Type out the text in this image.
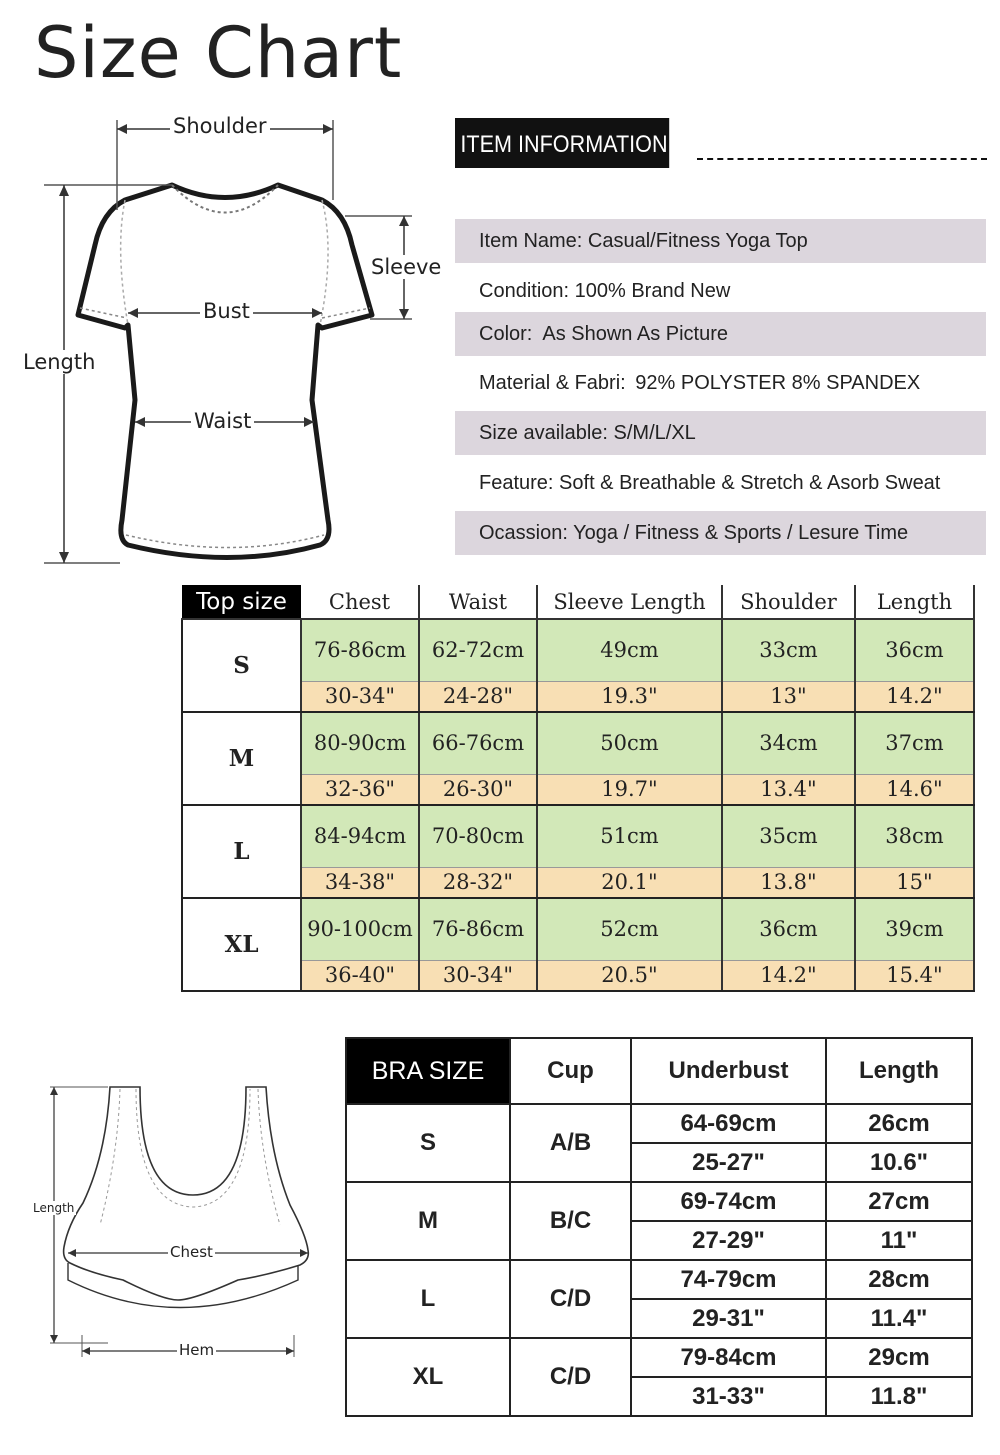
Size Chart
Shoulder
Sleeve
Bust
Length
Waist
ITEM INFORMATION
Item Name: Casual/Fitness Yoga Top
Condition: 100% Brand New
Color:  As Shown As Picture
Material & Fabri: 92% POLYSTER 8% SPANDEX
Size available: S/M/L/XL
Feature: Soft & Breathable & Stretch & Asorb Sweat
Ocassion: Yoga / Fitness & Sports / Lesure Time
Top size	Chest	Waist	Sleeve Length	Shoulder	Length
S	76-86cm	62-72cm	49cm	33cm	36cm
	30-34"	24-28"	19.3"	13"	14.2"
M	80-90cm	66-76cm	50cm	34cm	37cm
	32-36"	26-30"	19.7"	13.4"	14.6"
L	84-94cm	70-80cm	51cm	35cm	38cm
	34-38"	28-32"	20.1"	13.8"	15"
XL	90-100cm	76-86cm	52cm	36cm	39cm
	36-40"	30-34"	20.5"	14.2"	15.4"
Length
Chest
Hem
BRA SIZE	Cup	Underbust	Length
S	A/B	64-69cm	26cm
		25-27"	10.6"
M	B/C	69-74cm	27cm
		27-29"	11"
L	C/D	74-79cm	28cm
		29-31"	11.4"
XL	C/D	79-84cm	29cm
		31-33"	11.8"
